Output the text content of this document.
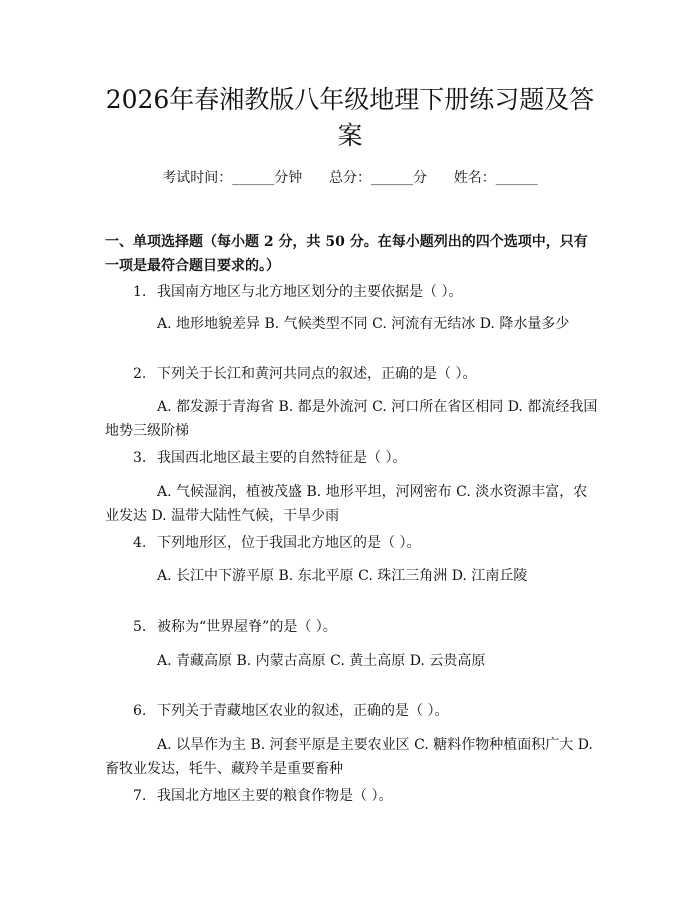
2026年春湘教版八年级地理下册练习题及答案
考试时间：______分钟 总分：______分 姓名：______
一、单项选择题（每小题 2 分，共 50 分。在每小题列出的四个选项中，只有一项是最符合题目要求的。）
1. 我国南方地区与北方地区划分的主要依据是（ ）。
A. 地形地貌差异 B. 气候类型不同 C. 河流有无结冰 D. 降水量多少
2. 下列关于长江和黄河共同点的叙述，正确的是（ ）。
A. 都发源于青海省 B. 都是外流河 C. 河口所在省区相同 D. 都流经我国地势三级阶梯
3. 我国西北地区最主要的自然特征是（ ）。
A. 气候湿润，植被茂盛 B. 地形平坦，河网密布 C. 淡水资源丰富，农业发达 D. 温带大陆性气候，干旱少雨
4. 下列地形区，位于我国北方地区的是（ ）。
A. 长江中下游平原 B. 东北平原 C. 珠江三角洲 D. 江南丘陵
5. 被称为“世界屋脊”的是（ ）。
A. 青藏高原 B. 内蒙古高原 C. 黄土高原 D. 云贵高原
6. 下列关于青藏地区农业的叙述，正确的是（ ）。
A. 以旱作为主 B. 河套平原是主要农业区 C. 糖料作物种植面积广大 D. 畜牧业发达，牦牛、藏羚羊是重要畜种
7. 我国北方地区主要的粮食作物是（ ）。
